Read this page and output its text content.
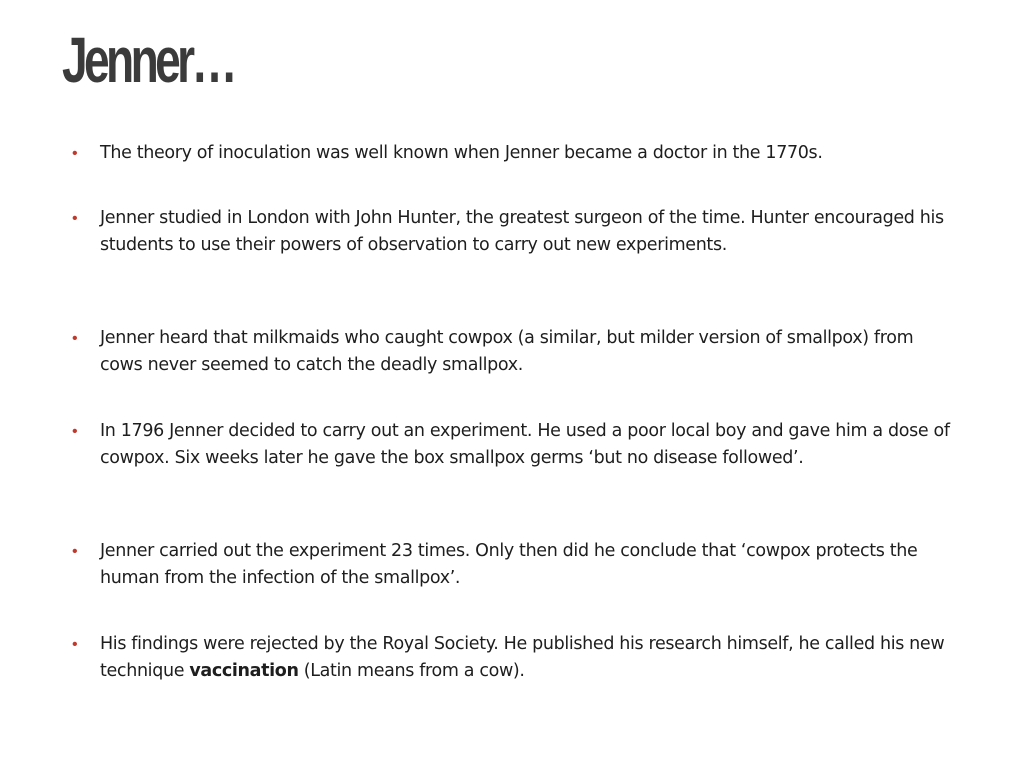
Jenner…
•	The theory of inoculation was well known when Jenner became a doctor in the 1770s.
•	Jenner studied in London with John Hunter, the greatest surgeon of the time. Hunter encouraged his students to use their powers of observation to carry out new experiments.
•	Jenner heard that milkmaids who caught cowpox (a similar, but milder version of smallpox) from cows never seemed to catch the deadly smallpox.
•	In 1796 Jenner decided to carry out an experiment. He used a poor local boy and gave him a dose of cowpox. Six weeks later he gave the box smallpox germs ‘but no disease followed’.
•	Jenner carried out the experiment 23 times. Only then did he conclude that ‘cowpox protects the human from the infection of the smallpox’.
•	His findings were rejected by the Royal Society. He published his research himself, he called his new technique vaccination (Latin means from a cow).
